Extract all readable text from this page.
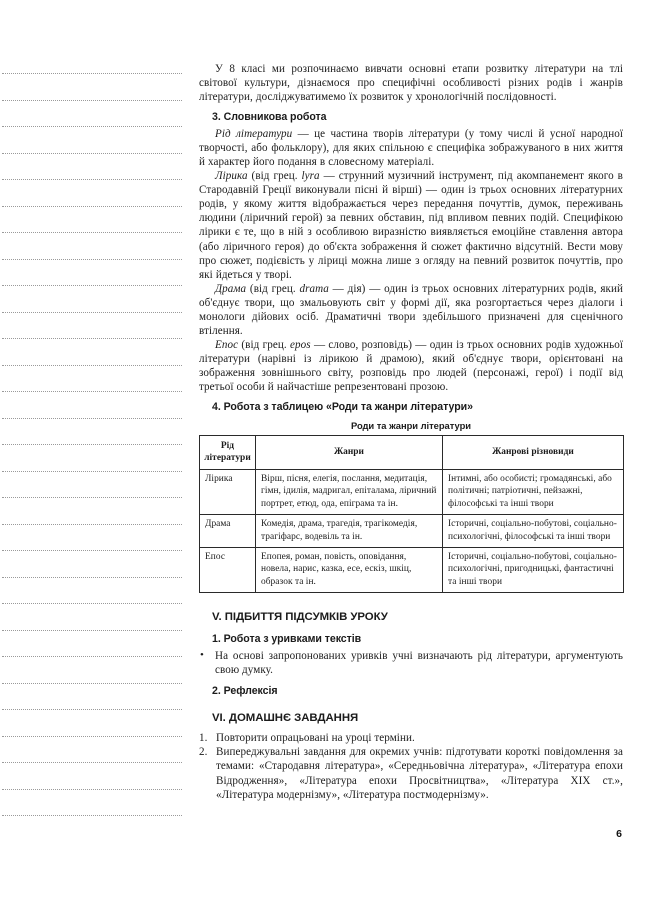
У 8 класі ми розпочинаємо вивчати основні етапи розвитку літератури на тлі світової культури, дізнаємося про специфічні особливості різних родів і жанрів літератури, досліджуватимемо їх розвиток у хронологічній послідовності.

3. Словникова робота

Рід літератури — це частина творів літератури (у тому числі й усної народної творчості, або фольклору), для яких спільною є специфіка зображуваного в них життя й характер його подання в словесному матеріалі.

Лірика (від грец. lyra — струнний музичний інструмент, під акомпанемент якого в Стародавній Греції виконували пісні й вірші) — один із трьох основних літературних родів, у якому життя відображається через передання почуттів, думок, переживань людини (ліричний герой) за певних обставин, під впливом певних подій. Специфікою лірики є те, що в ній з особливою виразністю виявляється емоційне ставлення автора (або ліричного героя) до об'єкта зображення й сюжет фактично відсутній. Вести мову про сюжет, подієвість у ліриці можна лише з огляду на певний розвиток почуттів, про які йдеться у творі.

Драма (від грец. drama — дія) — один із трьох основних літературних родів, який об'єднує твори, що змальовують світ у формі дії, яка розгортається через діалоги і монологи дійових осіб. Драматичні твори здебільшого призначені для сценічного втілення.

Епос (від грец. epos — слово, розповідь) — один із трьох основних родів художньої літератури (нарівні із лірикою й драмою), який об'єднує твори, орієнтовані на зображення зовнішнього світу, розповідь про людей (персонажі, герої) і події від третьої особи й найчастіше репрезентовані прозою.

4. Робота з таблицею «Роди та жанри літератури»
Роди та жанри літератури
Рід
літератури	Жанри	Жанрові різновиди
Лірика	Вірш, пісня, елегія, послання, медитація, гімн, ідилія, мадригал, епіталама, ліричний портрет, етюд, ода, епіграма та ін.	Інтимні, або особисті; громадянські, або політичні; патріотичні, пейзажні, філософські та інші твори
Драма	Комедія, драма, трагедія, трагікомедія, трагіфарс, водевіль та ін.	Історичні, соціально-побутові, соціально-психологічні, філософські та інші твори
Епос	Епопея, роман, повість, оповідання, новела, нарис, казка, есе, ескіз, шкіц, образок та ін.	Історичні, соціально-побутові, соціально-психологічні, пригодницькі, фантастичні та інші твори
V. ПІДБИТТЯ ПІДСУМКІВ УРОКУ
1. Робота з уривками текстів
• На основі запропонованих уривків учні визначають рід літератури, аргументують свою думку.
2. Рефлексія
VI. ДОМАШНЄ ЗАВДАННЯ
1. Повторити опрацьовані на уроці терміни.
2. Випереджувальні завдання для окремих учнів: підготувати короткі повідомлення за темами: «Стародавня література», «Середньовічна література», «Література епохи Відродження», «Література епохи Просвітництва», «Література XIX ст.», «Література модернізму», «Література постмодернізму».
6
